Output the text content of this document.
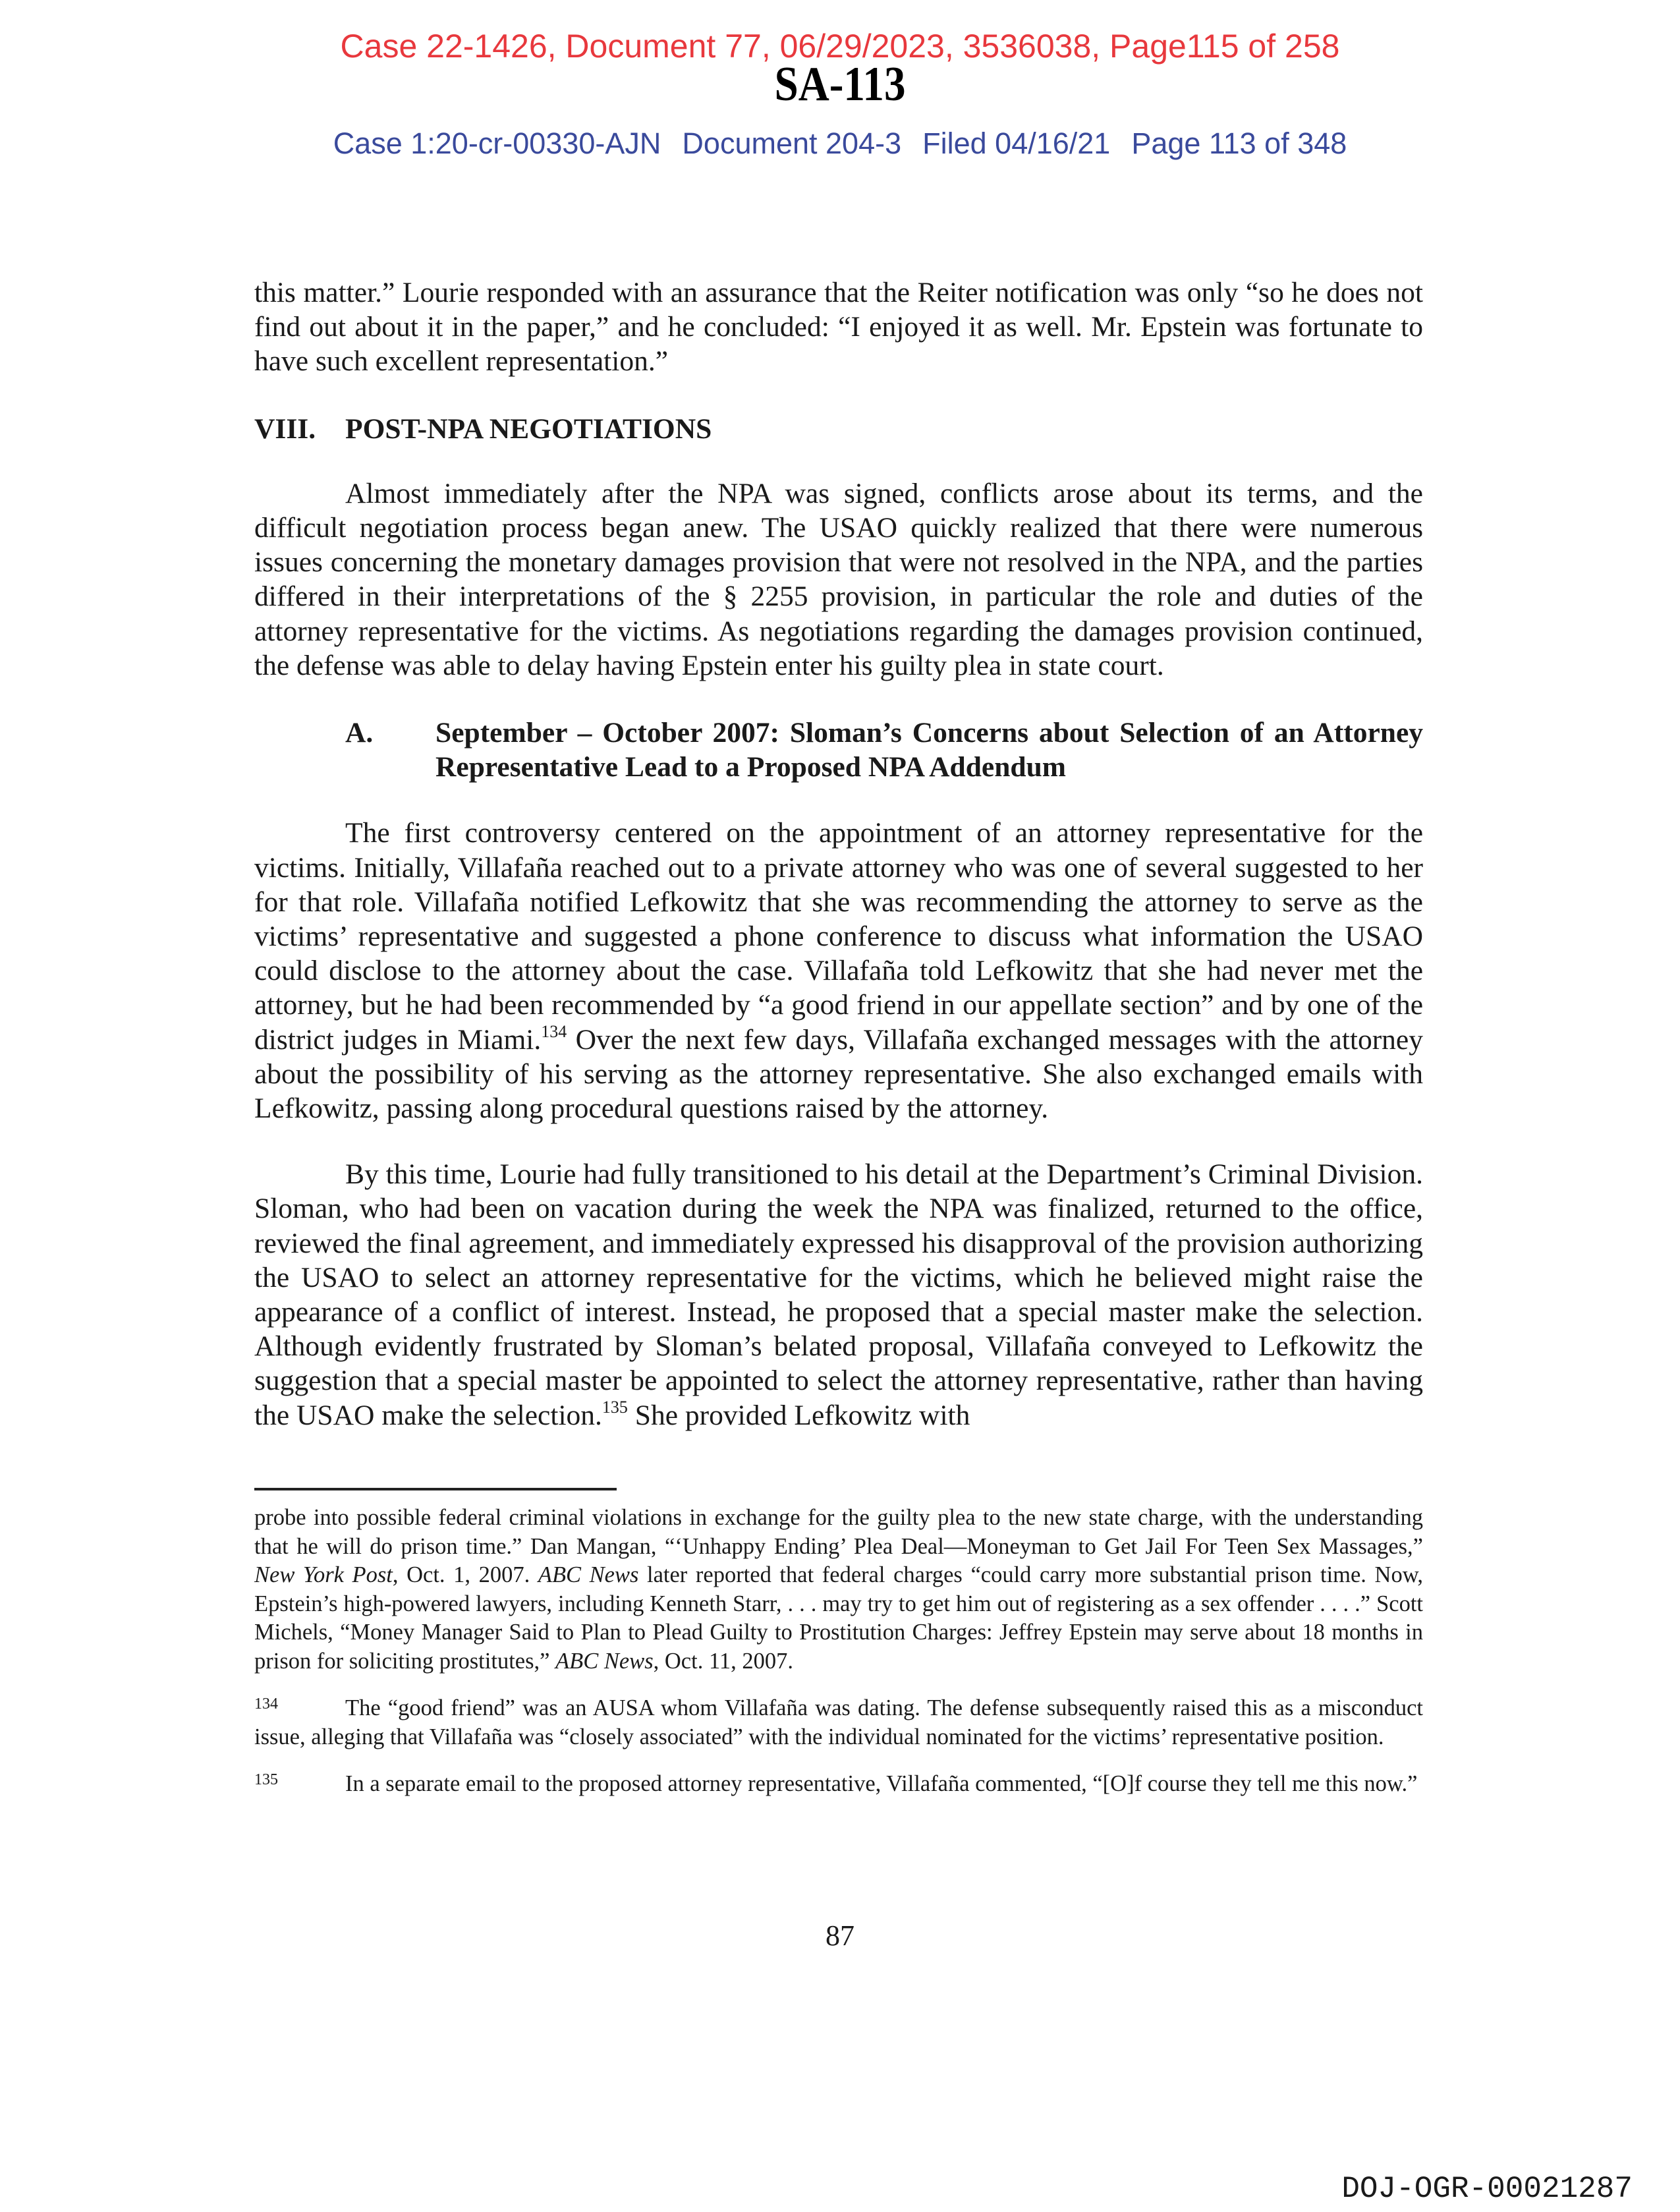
Case 22-1426, Document 77, 06/29/2023, 3536038, Page115 of 258
SA-113
Case 1:20-cr-00330-AJN Document 204-3 Filed 04/16/21 Page 113 of 348

this matter.” Lourie responded with an assurance that the Reiter notification was only “so he does not find out about it in the paper,” and he concluded: “I enjoyed it as well. Mr. Epstein was fortunate to have such excellent representation.”

VIII. POST-NPA NEGOTIATIONS

Almost immediately after the NPA was signed, conflicts arose about its terms, and the difficult negotiation process began anew. The USAO quickly realized that there were numerous issues concerning the monetary damages provision that were not resolved in the NPA, and the parties differed in their interpretations of the § 2255 provision, in particular the role and duties of the attorney representative for the victims. As negotiations regarding the damages provision continued, the defense was able to delay having Epstein enter his guilty plea in state court.

A. September – October 2007: Sloman’s Concerns about Selection of an Attorney Representative Lead to a Proposed NPA Addendum

The first controversy centered on the appointment of an attorney representative for the victims. Initially, Villafaña reached out to a private attorney who was one of several suggested to her for that role. Villafaña notified Lefkowitz that she was recommending the attorney to serve as the victims’ representative and suggested a phone conference to discuss what information the USAO could disclose to the attorney about the case. Villafaña told Lefkowitz that she had never met the attorney, but he had been recommended by “a good friend in our appellate section” and by one of the district judges in Miami.$^{134}$ Over the next few days, Villafaña exchanged messages with the attorney about the possibility of his serving as the attorney representative. She also exchanged emails with Lefkowitz, passing along procedural questions raised by the attorney.

By this time, Lourie had fully transitioned to his detail at the Department’s Criminal Division. Sloman, who had been on vacation during the week the NPA was finalized, returned to the office, reviewed the final agreement, and immediately expressed his disapproval of the provision authorizing the USAO to select an attorney representative for the victims, which he believed might raise the appearance of a conflict of interest. Instead, he proposed that a special master make the selection. Although evidently frustrated by Sloman’s belated proposal, Villafaña conveyed to Lefkowitz the suggestion that a special master be appointed to select the attorney representative, rather than having the USAO make the selection.$^{135}$ She provided Lefkowitz with

probe into possible federal criminal violations in exchange for the guilty plea to the new state charge, with the understanding that he will do prison time.” Dan Mangan, “‘Unhappy Ending’ Plea Deal—Moneyman to Get Jail For Teen Sex Massages,” New York Post, Oct. 1, 2007. ABC News later reported that federal charges “could carry more substantial prison time. Now, Epstein’s high-powered lawyers, including Kenneth Starr, . . . may try to get him out of registering as a sex offender . . . .” Scott Michels, “Money Manager Said to Plan to Plead Guilty to Prostitution Charges: Jeffrey Epstein may serve about 18 months in prison for soliciting prostitutes,” ABC News, Oct. 11, 2007.

134	The “good friend” was an AUSA whom Villafaña was dating. The defense subsequently raised this as a misconduct issue, alleging that Villafaña was “closely associated” with the individual nominated for the victims’ representative position.

135	In a separate email to the proposed attorney representative, Villafaña commented, “[O]f course they tell me this now.”

87
DOJ-OGR-00021287
